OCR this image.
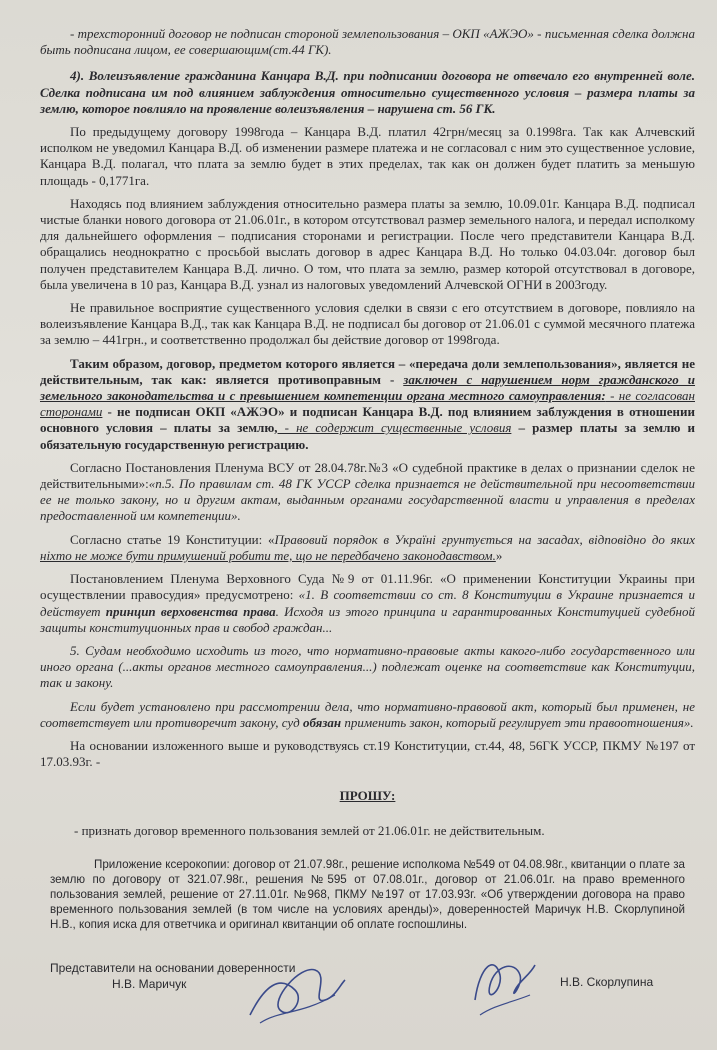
- трехсторонний договор не подписан стороной землепользования – ОКП «АЖЭО» - письменная сделка должна быть подписана лицом, ее совершающим(ст.44 ГК).

4). Волеизъявление гражданина Канцара В.Д. при подписании договора не отвечало его внутренней воле. Сделка подписана им под влиянием заблуждения относительно существенного условия – размера платы за землю, которое повлияло на проявление волеизъявления – нарушена ст. 56 ГК.

По предыдущему договору 1998года – Канцара В.Д. платил 42грн/месяц за 0.1998га. Так как Алчевский исполком не уведомил Канцара В.Д. об изменении размере платежа и не согласовал с ним это существенное условие, Канцара В.Д. полагал, что плата за землю будет в этих пределах, так как он должен будет платить за меньшую площадь - 0,1771га.

Находясь под влиянием заблуждения относительно размера платы за землю, 10.09.01г. Канцара В.Д. подписал чистые бланки нового договора от 21.06.01г., в котором отсутствовал размер земельного налога, и передал исполкому для дальнейшего оформления – подписания сторонами и регистрации. После чего представители Канцара В.Д. обращались неоднократно с просьбой выслать договор в адрес Канцара В.Д. Но только 04.03.04г. договор был получен представителем Канцара В.Д. лично. О том, что плата за землю, размер которой отсутствовал в договоре, была увеличена в 10 раз, Канцара В.Д. узнал из налоговых уведомлений Алчевской ОГНИ в 2003году.

Не правильное восприятие существенного условия сделки в связи с его отсутствием в договоре, повлияло на волеизъявление Канцара В.Д., так как Канцара В.Д. не подписал бы договор от 21.06.01 с суммой месячного платежа за землю – 441грн., и соответственно продолжал бы действие договор от 1998года.

Таким образом, договор, предметом которого является – «передача доли землепользования», является не действительным, так как: является противоправным - заключен с нарушением норм гражданского и земельного законодательства и с превышением компетенции органа местного самоуправления: - не согласован сторонами - не подписан ОКП «АЖЭО» и подписан Канцара В.Д. под влиянием заблуждения в отношении основного условия – платы за землю, - не содержит существенные условия – размер платы за землю и обязательную государственную регистрацию.

Согласно Постановления Пленума ВСУ от 28.04.78г.№3 «О судебной практике в делах о признании сделок не действительными»:«п.5. По правилам ст. 48 ГК УССР сделка признается не действительной при несоответствии ее не только закону, но и другим актам, выданным органами государственной власти и управления в пределах предоставленной им компетенции».

Согласно статье 19 Конституции: «Правовий порядок в Україні грунтується на засадах, відповідно до яких ніхто не може бути примушений робити те, що не передбачено законодавством.»

Постановлением Пленума Верховного Суда №9 от 01.11.96г. «О применении Конституции Украины при осуществлении правосудия» предусмотрено: «1. В соответствии со ст. 8 Конституции в Украине признается и действует принцип верховенства права. Исходя из этого принципа и гарантированных Конституцией судебной защиты конституционных прав и свобод граждан...

5. Судам необходимо исходить из того, что нормативно-правовые акты какого-либо государственного или иного органа (...акты органов местного самоуправления...) подлежат оценке на соответствие как Конституции, так и закону.

Если будет установлено при рассмотрении дела, что нормативно-правовой акт, который был применен, не соответствует или противоречит закону, суд обязан применить закон, который регулирует эти правоотношения».

На основании изложенного выше и руководствуясь ст.19 Конституции, ст.44, 48, 56ГК УССР, ПКМУ №197 от 17.03.93г. -

ПРОШУ:

- признать договор временного пользования землей от 21.06.01г. не действительным.

Приложение ксерокопии: договор от 21.07.98г., решение исполкома №549 от 04.08.98г., квитанции о плате за землю по договору от 321.07.98г., решения №595 от 07.08.01г., договор от 21.06.01г. на право временного пользования землей, решение от 27.11.01г. №968, ПКМУ №197 от 17.03.93г. «Об утверждении договора на право временного пользования землей (в том числе на условиях аренды)», доверенностей Маричук Н.В. Скорлупиной Н.В., копия иска для ответчика и оригинал квитанции об оплате госпошлины.

Представители на основании доверенности

Н.В. Маричук	Н.В. Скорлупина
